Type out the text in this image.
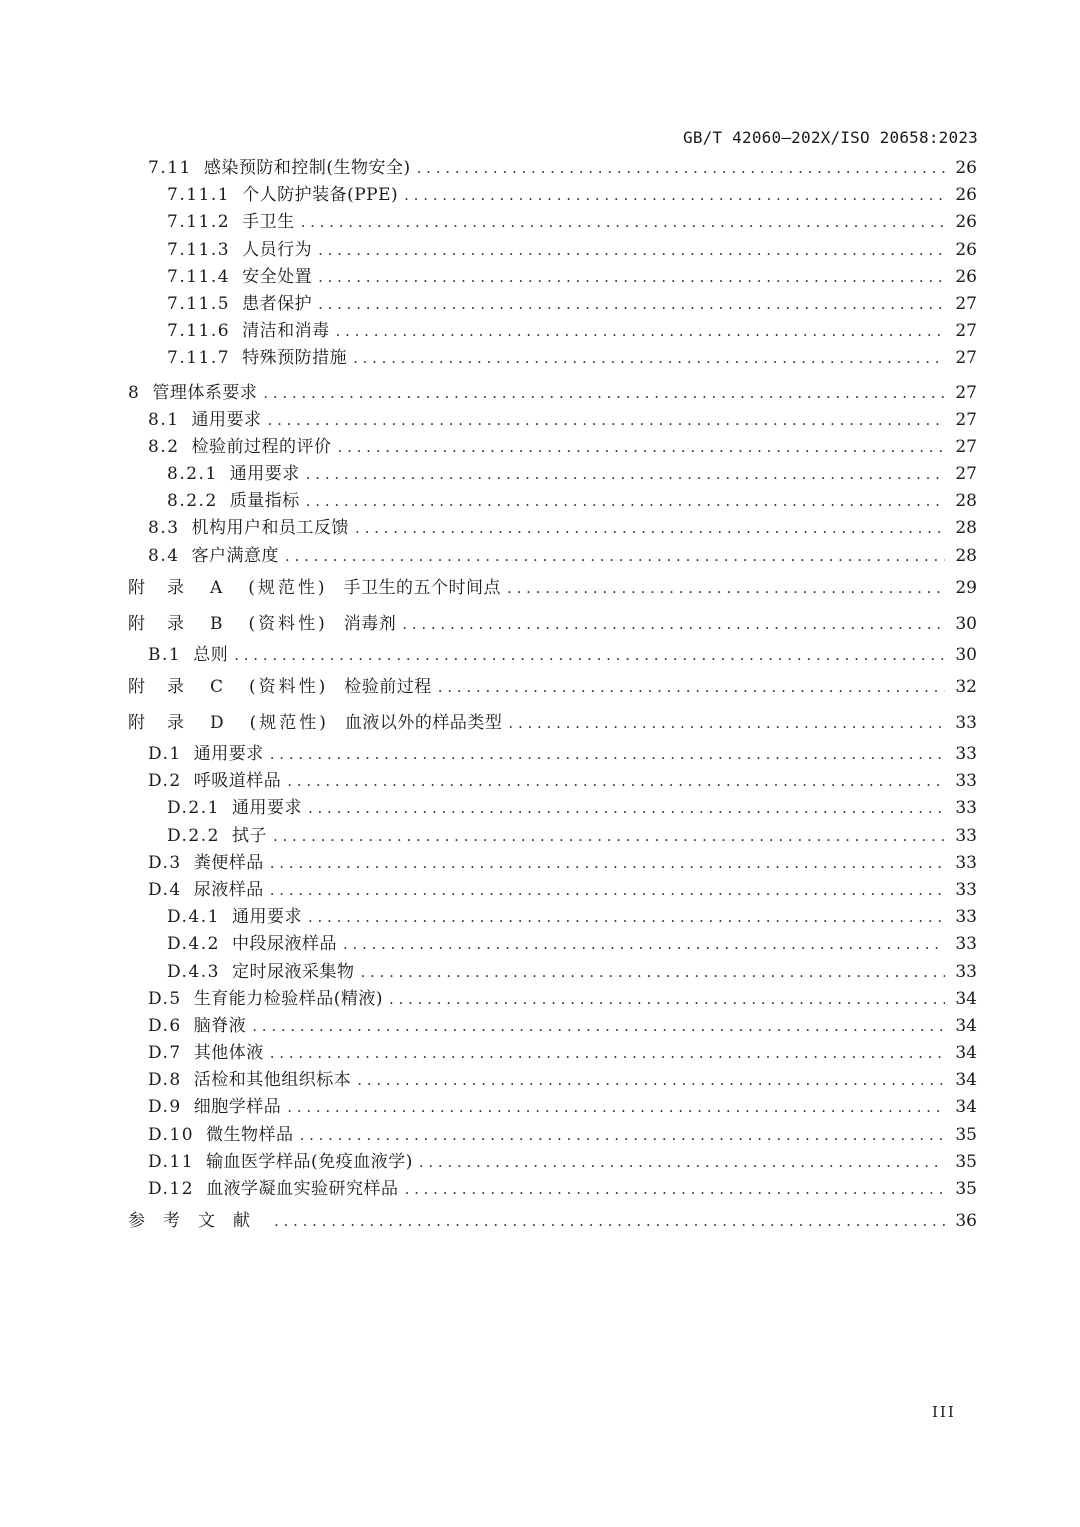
GB/T 42060—202X/ISO 20658:2023
7.11 感染预防和控制(生物安全) . . .	26
7.11.1 个人防护装备(PPE) . . .	26
7.11.2 手卫生 . . .	26
7.11.3 人员行为 . . .	26
7.11.4 安全处置 . . .	26
7.11.5 患者保护 . . .	27
7.11.6 清洁和消毒 . . .	27
7.11.7 特殊预防措施 . . .	27
8 管理体系要求 . . .	27
8.1 通用要求 . . .	27
8.2 检验前过程的评价 . . .	27
8.2.1 通用要求 . . .	27
8.2.2 质量指标 . . .	28
8.3 机构用户和员工反馈 . . .	28
8.4 客户满意度 . . .	28
附录 A (规范性) 手卫生的五个时间点 . . .	29
附录 B (资料性) 消毒剂 . . .	30
B.1 总则 . . .	30
附录 C (资料性) 检验前过程 . . .	32
附录 D (规范性) 血液以外的样品类型 . . .	33
D.1 通用要求 . . .	33
D.2 呼吸道样品 . . .	33
D.2.1 通用要求 . . .	33
D.2.2 拭子 . . .	33
D.3 粪便样品 . . .	33
D.4 尿液样品 . . .	33
D.4.1 通用要求 . . .	33
D.4.2 中段尿液样品 . . .	33
D.4.3 定时尿液采集物 . . .	33
D.5 生育能力检验样品(精液) . . .	34
D.6 脑脊液 . . .	34
D.7 其他体液 . . .	34
D.8 活检和其他组织标本 . . .	34
D.9 细胞学样品 . . .	34
D.10 微生物样品 . . .	35
D.11 输血医学样品(免疫血液学) . . .	35
D.12 血液学凝血实验研究样品 . . .	35
参考文献 . . .	36
III
